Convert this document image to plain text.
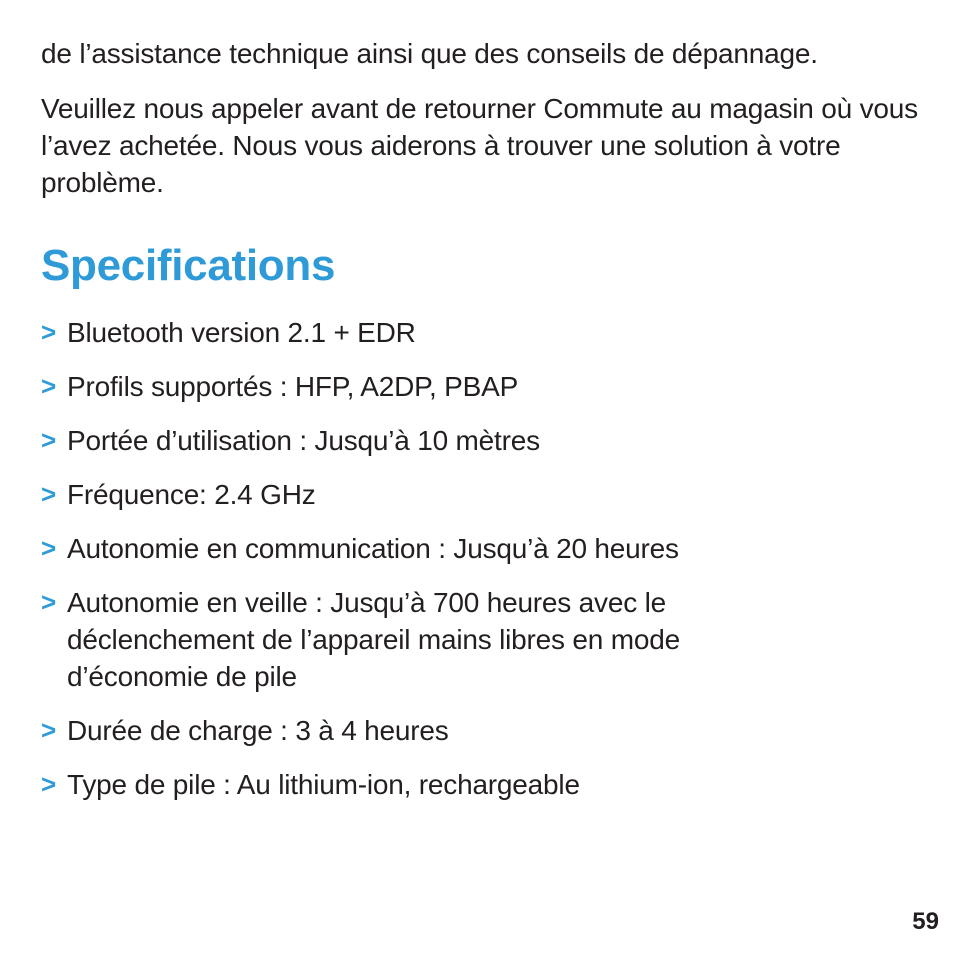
de l’assistance technique ainsi que des conseils de dépannage.

Veuillez nous appeler avant de retourner Commute au magasin où vous l’avez achetée. Nous vous aiderons à trouver une solution à votre problème.

Specifications
> Bluetooth version 2.1 + EDR
> Profils supportés : HFP, A2DP, PBAP
> Portée d’utilisation : Jusqu’à 10 mètres
> Fréquence: 2.4 GHz
> Autonomie en communication : Jusqu’à 20 heures
> Autonomie en veille : Jusqu’à 700 heures avec le déclenchement de l’appareil mains libres en mode d’économie de pile
> Durée de charge : 3 à 4 heures
> Type de pile : Au lithium-ion, rechargeable
59
